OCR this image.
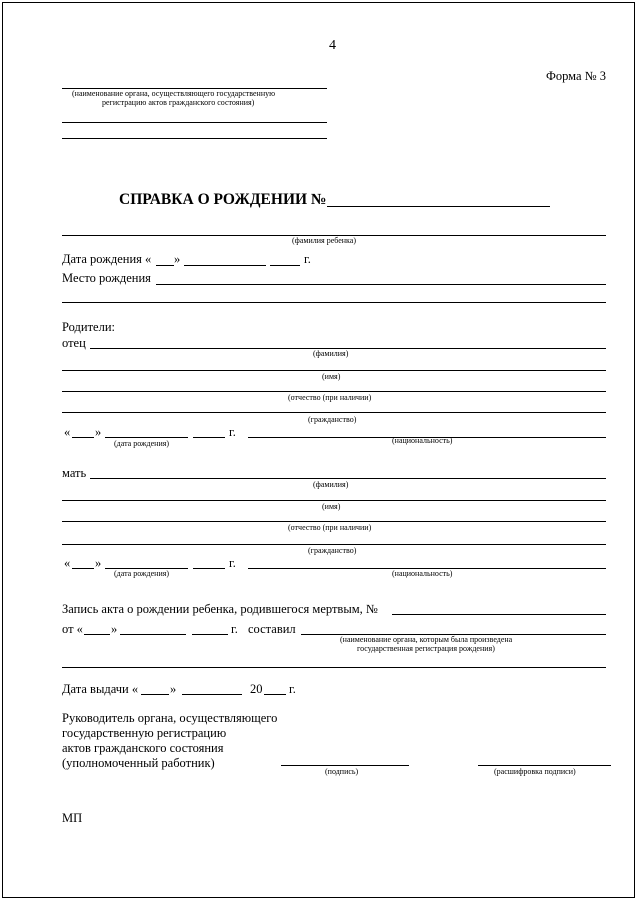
4
Форма № 3
(наименование органа, осуществляющего государственную
регистрацию актов гражданского состояния)
СПРАВКА О РОЖДЕНИИ №
(фамилия ребенка)
Дата рождения « »	г.
Место рождения
Родители:
отец
(фамилия)
(имя)
(отчество (при наличии)
(гражданство)
« »	г.
(дата рождения)	(национальность)
мать
(фамилия)
(имя)
(отчество (при наличии)
(гражданство)
« »	г.
(дата рождения)	(национальность)
Запись акта о рождении ребенка, родившегося мертвым, №
от « »	г. составил
(наименование органа, которым была произведена
государственная регистрация рождения)
Дата выдачи «	»	20 г.
Руководитель органа, осуществляющего
государственную регистрацию
актов гражданского состояния
(уполномоченный работник)
(подпись)	(расшифровка подписи)
МП
